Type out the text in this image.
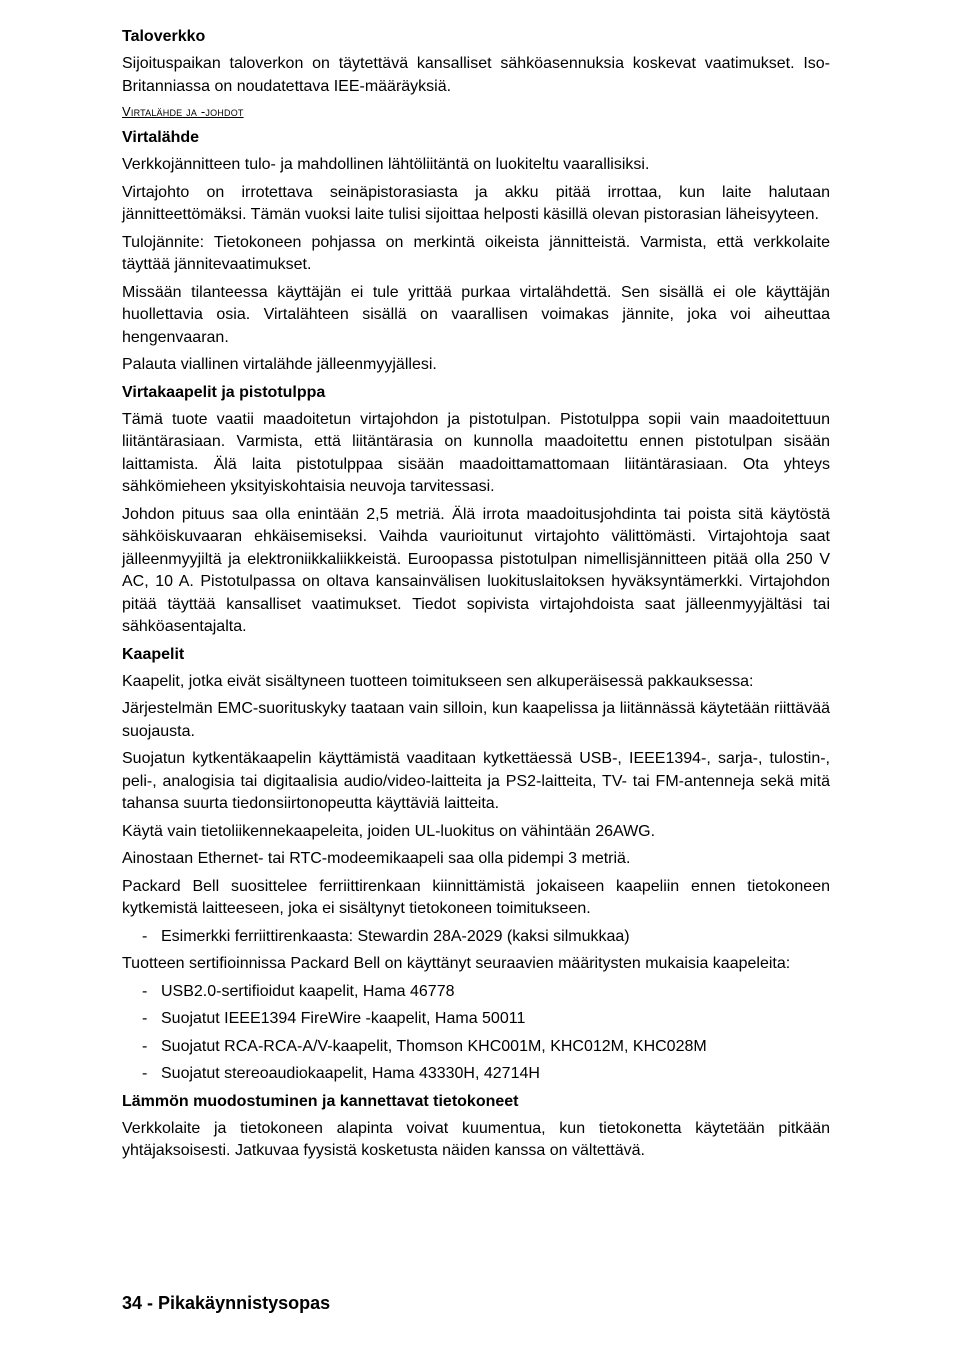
Taloverkko

Sijoituspaikan taloverkon on täytettävä kansalliset sähköasennuksia koskevat vaatimukset. Iso-Britanniassa on noudatettava IEE-määräyksiä.

Virtalähde ja -johdot
Virtalähde

Verkkojännitteen tulo- ja mahdollinen lähtöliitäntä on luokiteltu vaarallisiksi.

Virtajohto on irrotettava seinäpistorasiasta ja akku pitää irrottaa, kun laite halutaan jännitteettömäksi. Tämän vuoksi laite tulisi sijoittaa helposti käsillä olevan pistorasian läheisyyteen.

Tulojännite: Tietokoneen pohjassa on merkintä oikeista jännitteistä. Varmista, että verkkolaite täyttää jännitevaatimukset.

Missään tilanteessa käyttäjän ei tule yrittää purkaa virtalähdettä. Sen sisällä ei ole käyttäjän huollettavia osia. Virtalähteen sisällä on vaarallisen voimakas jännite, joka voi aiheuttaa hengenvaaran.

Palauta viallinen virtalähde jälleenmyyjällesi.

Virtakaapelit ja pistotulppa

Tämä tuote vaatii maadoitetun virtajohdon ja pistotulpan. Pistotulppa sopii vain maadoitettuun liitäntärasiaan. Varmista, että liitäntärasia on kunnolla maadoitettu ennen pistotulpan sisään laittamista. Älä laita pistotulppaa sisään maadoittamattomaan liitäntärasiaan. Ota yhteys sähkömieheen yksityiskohtaisia neuvoja tarvitessasi.

Johdon pituus saa olla enintään 2,5 metriä. Älä irrota maadoitusjohdinta tai poista sitä käytöstä sähköiskuvaaran ehkäisemiseksi. Vaihda vaurioitunut virtajohto välittömästi. Virtajohtoja saat jälleenmyyjiltä ja elektroniikkaliikkeistä. Euroopassa pistotulpan nimellisjännitteen pitää olla 250 V AC, 10 A. Pistotulpassa on oltava kansainvälisen luokituslaitoksen hyväksyntämerkki. Virtajohdon pitää täyttää kansalliset vaatimukset. Tiedot sopivista virtajohdoista saat jälleenmyyjältäsi tai sähköasentajalta.

Kaapelit

Kaapelit, jotka eivät sisältyneen tuotteen toimitukseen sen alkuperäisessä pakkauksessa:

Järjestelmän EMC-suorituskyky taataan vain silloin, kun kaapelissa ja liitännässä käytetään riittävää suojausta.

Suojatun kytkentäkaapelin käyttämistä vaaditaan kytkettäessä USB-, IEEE1394-, sarja-, tulostin-, peli-, analogisia tai digitaalisia audio/video-laitteita ja PS2-laitteita, TV- tai FM-antenneja sekä mitä tahansa suurta tiedonsiirtonopeutta käyttäviä laitteita.

Käytä vain tietoliikennekaapeleita, joiden UL-luokitus on vähintään 26AWG.

Ainostaan Ethernet- tai RTC-modeemikaapeli saa olla pidempi 3 metriä.

Packard Bell suosittelee ferriittirenkaan kiinnittämistä jokaiseen kaapeliin ennen tietokoneen kytkemistä laitteeseen, joka ei sisältynyt tietokoneen toimitukseen.

- Esimerkki ferriittirenkaasta: Stewardin 28A-2029 (kaksi silmukkaa)

Tuotteen sertifioinnissa Packard Bell on käyttänyt seuraavien määritysten mukaisia kaapeleita:

- USB2.0-sertifioidut kaapelit, Hama 46778
- Suojatut IEEE1394 FireWire -kaapelit, Hama 50011
- Suojatut RCA-RCA-A/V-kaapelit, Thomson KHC001M, KHC012M, KHC028M
- Suojatut stereoaudiokaapelit, Hama 43330H, 42714H
Lämmön muodostuminen ja kannettavat tietokoneet

Verkkolaite ja tietokoneen alapinta voivat kuumentua, kun tietokonetta käytetään pitkään yhtäjaksoisesti. Jatkuvaa fyysistä kosketusta näiden kanssa on vältettävä.

34 - Pikakäynnistysopas
